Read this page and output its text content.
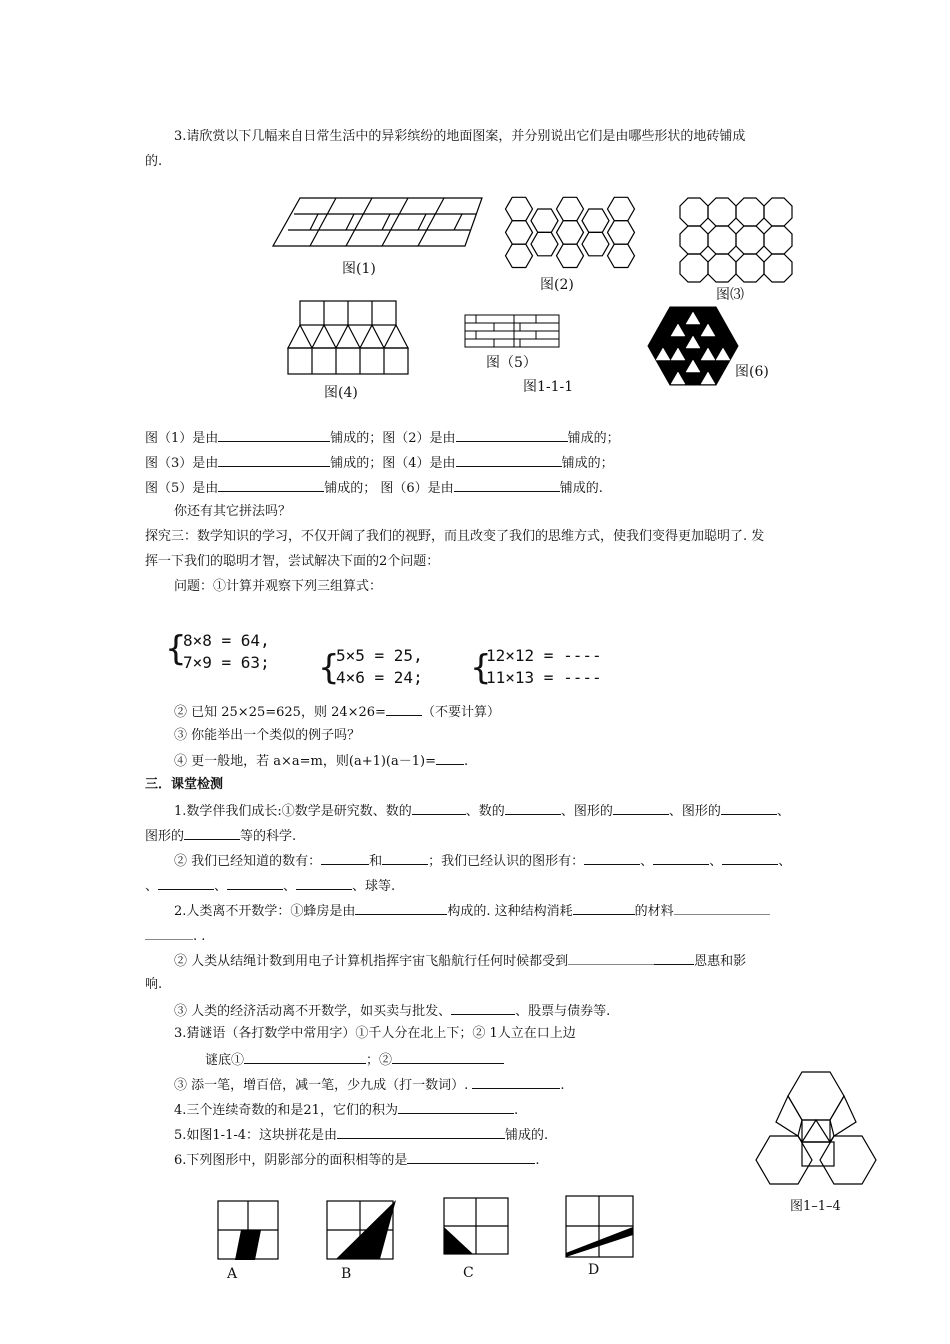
3.请欣赏以下几幅来自日常生活中的异彩缤纷的地面图案，并分别说出它们是由哪些形状的地砖铺成
的.
图(1)
图(2)
图⑶
图(4)
图（5）
图1-1-1
图(6)
图（1）是由	铺成的；图（2）是由	铺成的；
图（3）是由	铺成的；图（4）是由	铺成的；
图（5）是由	铺成的； 图（6）是由	铺成的.
你还有其它拼法吗？
探究三：数学知识的学习，不仅开阔了我们的视野，而且改变了我们的思维方式，使我们变得更加聪明了. 发
挥一下我们的聪明才智，尝试解决下面的2个问题：
问题：①计算并观察下列三组算式：
{
8×8 = 64,
7×9 = 63; {
5×5 = 25,
4×6 = 24; {
12×12 = ----
11×13 = ----
② 已知 25×25=625，则 24×26=	（不要计算）
③ 你能举出一个类似的例子吗？
④ 更一般地，若 a×a=m，则(a+1)(a－1)= .
三．课堂检测
1.数学伴我们成长:①数学是研究数、数的	、数的	、图形的	、图形的	、
图形的	等的科学.
② 我们已经知道的数有：	和	；我们已经认识的图形有：	、	、	、
、	、	、	、球等.
2.人类离不开数学：①蜂房是由	构成的. 这种结构消耗	的材料
. .
② 人类从结绳计数到用电子计算机指挥宇宙飞船航行任何时候都受到	恩惠和影
响.
③ 人类的经济活动离不开数学，如买卖与批发、	、股票与债券等.
3.猜谜语（各打数学中常用字）①千人分在北上下；② 1人立在口上边
谜底①	；②
③ 添一笔，增百倍，减一笔，少九成（打一数词）.	.
4.三个连续奇数的和是21，它们的积为	.
5.如图1-1-4：这块拼花是由	铺成的.
6.下列图形中，阴影部分的面积相等的是	.
图1–1–4
A	B	C	D
